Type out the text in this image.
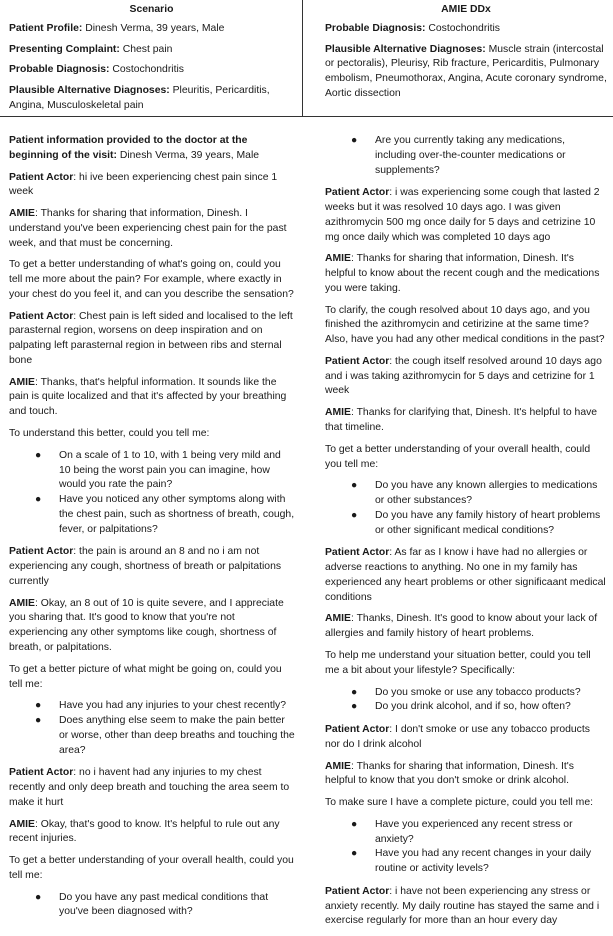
Scenario

Patient Profile: Dinesh Verma, 39 years, Male

Presenting Complaint: Chest pain

Probable Diagnosis: Costochondritis

Plausible Alternative Diagnoses: Pleuritis, Pericarditis, Angina, Musculoskeletal pain

AMIE DDx

Probable Diagnosis: Costochondritis

Plausible Alternative Diagnoses: Muscle strain (intercostal or pectoralis), Pleurisy, Rib fracture, Pericarditis, Pulmonary embolism, Pneumothorax, Angina, Acute coronary syndrome, Aortic dissection

Patient information provided to the doctor at the beginning of the visit: Dinesh Verma, 39 years, Male

Patient Actor: hi ive been experiencing chest pain since 1 week

AMIE: Thanks for sharing that information, Dinesh. I understand you've been experiencing chest pain for the past week, and that must be concerning.

To get a better understanding of what's going on, could you tell me more about the pain? For example, where exactly in your chest do you feel it, and can you describe the sensation?

Patient Actor: Chest pain is left sided and localised to the left parasternal region, worsens on deep inspiration and on palpating left parasternal region in between ribs and sternal bone

AMIE: Thanks, that's helpful information. It sounds like the pain is quite localized and that it's affected by your breathing and touch.

To understand this better, could you tell me:

● On a scale of 1 to 10, with 1 being very mild and 10 being the worst pain you can imagine, how would you rate the pain?
● Have you noticed any other symptoms along with the chest pain, such as shortness of breath, cough, fever, or palpitations?

Patient Actor: the pain is around an 8 and no i am not experiencing any cough, shortness of breath or palpitations currently

AMIE: Okay, an 8 out of 10 is quite severe, and I appreciate you sharing that. It's good to know that you're not experiencing any other symptoms like cough, shortness of breath, or palpitations.

To get a better picture of what might be going on, could you tell me:

● Have you had any injuries to your chest recently?
● Does anything else seem to make the pain better or worse, other than deep breaths and touching the area?

Patient Actor: no i havent had any injuries to my chest recently and only deep breath and touching the area seem to make it hurt

AMIE: Okay, that's good to know. It's helpful to rule out any recent injuries.

To get a better understanding of your overall health, could you tell me:

● Do you have any past medical conditions that you've been diagnosed with?
● Are you currently taking any medications, including over-the-counter medications or supplements?

Patient Actor: i was experiencing some cough that lasted 2 weeks but it was resolved 10 days ago. I was given azithromycin 500 mg once daily for 5 days and cetrizine 10 mg once daily which was completed 10 days ago

AMIE: Thanks for sharing that information, Dinesh. It's helpful to know about the recent cough and the medications you were taking.

To clarify, the cough resolved about 10 days ago, and you finished the azithromycin and cetirizine at the same time? Also, have you had any other medical conditions in the past?

Patient Actor: the cough itself resolved around 10 days ago and i was taking azithromycin for 5 days and cetrizine for 1 week

AMIE: Thanks for clarifying that, Dinesh. It's helpful to have that timeline.

To get a better understanding of your overall health, could you tell me:

● Do you have any known allergies to medications or other substances?
● Do you have any family history of heart problems or other significant medical conditions?

Patient Actor: As far as I know i have had no allergies or adverse reactions to anything. No one in my family has experienced any heart problems or other significaant medical conditions

AMIE: Thanks, Dinesh. It's good to know about your lack of allergies and family history of heart problems.

To help me understand your situation better, could you tell me a bit about your lifestyle? Specifically:

● Do you smoke or use any tobacco products?
● Do you drink alcohol, and if so, how often?

Patient Actor: I don't smoke or use any tobacco products nor do I drink alcohol

AMIE: Thanks for sharing that information, Dinesh. It's helpful to know that you don't smoke or drink alcohol.

To make sure I have a complete picture, could you tell me:

● Have you experienced any recent stress or anxiety?
● Have you had any recent changes in your daily routine or activity levels?

Patient Actor: i have not been experiencing any stress or anxiety recently. My daily routine has stayed the same and i exercise regularly for more than an hour every day
